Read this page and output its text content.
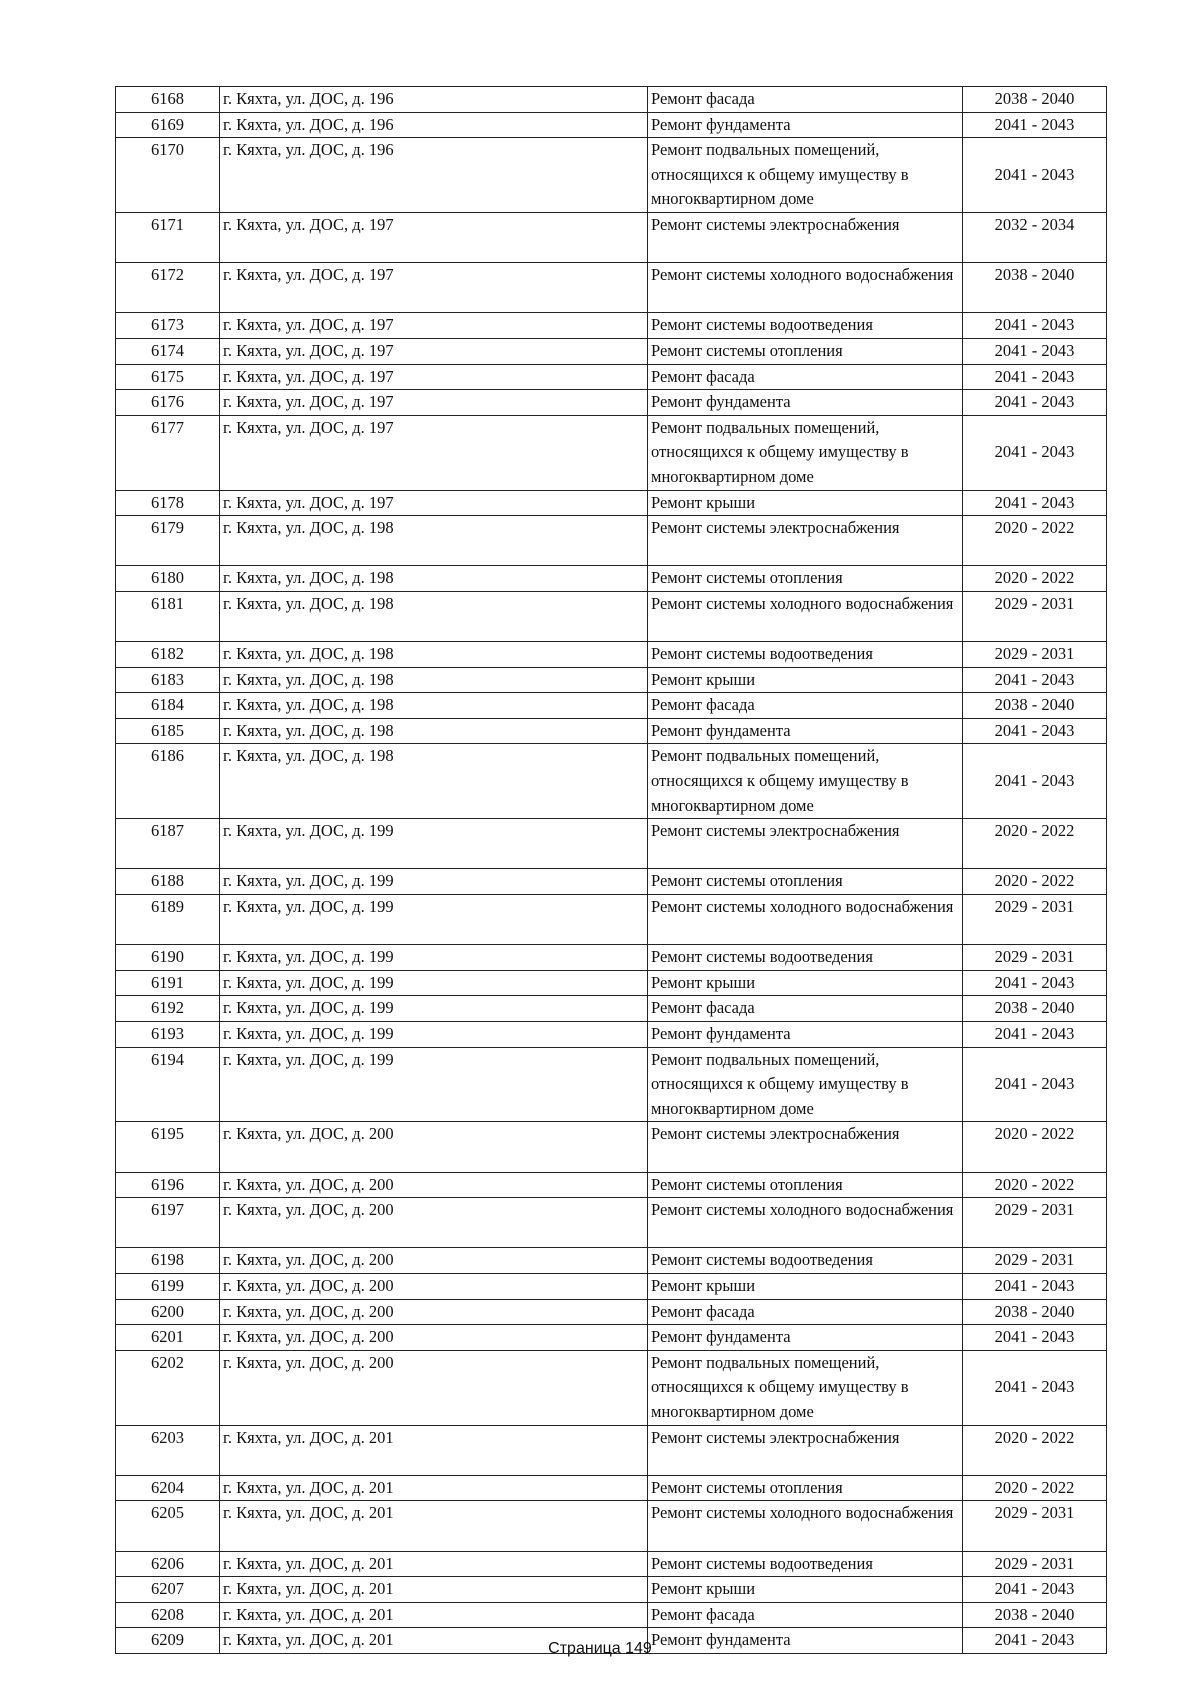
6168	г. Кяхта, ул. ДОС, д. 196	Ремонт фасада	2038 - 2040
6169	г. Кяхта, ул. ДОС, д. 196	Ремонт фундамента	2041 - 2043
6170	г. Кяхта, ул. ДОС, д. 196	Ремонт подвальных помещений, относящихся к общему имуществу в многоквартирном доме	2041 - 2043
6171	г. Кяхта, ул. ДОС, д. 197	Ремонт системы электроснабжения	2032 - 2034
6172	г. Кяхта, ул. ДОС, д. 197	Ремонт системы холодного водоснабжения	2038 - 2040
6173	г. Кяхта, ул. ДОС, д. 197	Ремонт системы водоотведения	2041 - 2043
6174	г. Кяхта, ул. ДОС, д. 197	Ремонт системы отопления	2041 - 2043
6175	г. Кяхта, ул. ДОС, д. 197	Ремонт фасада	2041 - 2043
6176	г. Кяхта, ул. ДОС, д. 197	Ремонт фундамента	2041 - 2043
6177	г. Кяхта, ул. ДОС, д. 197	Ремонт подвальных помещений, относящихся к общему имуществу в многоквартирном доме	2041 - 2043
6178	г. Кяхта, ул. ДОС, д. 197	Ремонт крыши	2041 - 2043
6179	г. Кяхта, ул. ДОС, д. 198	Ремонт системы электроснабжения	2020 - 2022
6180	г. Кяхта, ул. ДОС, д. 198	Ремонт системы отопления	2020 - 2022
6181	г. Кяхта, ул. ДОС, д. 198	Ремонт системы холодного водоснабжения	2029 - 2031
6182	г. Кяхта, ул. ДОС, д. 198	Ремонт системы водоотведения	2029 - 2031
6183	г. Кяхта, ул. ДОС, д. 198	Ремонт крыши	2041 - 2043
6184	г. Кяхта, ул. ДОС, д. 198	Ремонт фасада	2038 - 2040
6185	г. Кяхта, ул. ДОС, д. 198	Ремонт фундамента	2041 - 2043
6186	г. Кяхта, ул. ДОС, д. 198	Ремонт подвальных помещений, относящихся к общему имуществу в многоквартирном доме	2041 - 2043
6187	г. Кяхта, ул. ДОС, д. 199	Ремонт системы электроснабжения	2020 - 2022
6188	г. Кяхта, ул. ДОС, д. 199	Ремонт системы отопления	2020 - 2022
6189	г. Кяхта, ул. ДОС, д. 199	Ремонт системы холодного водоснабжения	2029 - 2031
6190	г. Кяхта, ул. ДОС, д. 199	Ремонт системы водоотведения	2029 - 2031
6191	г. Кяхта, ул. ДОС, д. 199	Ремонт крыши	2041 - 2043
6192	г. Кяхта, ул. ДОС, д. 199	Ремонт фасада	2038 - 2040
6193	г. Кяхта, ул. ДОС, д. 199	Ремонт фундамента	2041 - 2043
6194	г. Кяхта, ул. ДОС, д. 199	Ремонт подвальных помещений, относящихся к общему имуществу в многоквартирном доме	2041 - 2043
6195	г. Кяхта, ул. ДОС, д. 200	Ремонт системы электроснабжения	2020 - 2022
6196	г. Кяхта, ул. ДОС, д. 200	Ремонт системы отопления	2020 - 2022
6197	г. Кяхта, ул. ДОС, д. 200	Ремонт системы холодного водоснабжения	2029 - 2031
6198	г. Кяхта, ул. ДОС, д. 200	Ремонт системы водоотведения	2029 - 2031
6199	г. Кяхта, ул. ДОС, д. 200	Ремонт крыши	2041 - 2043
6200	г. Кяхта, ул. ДОС, д. 200	Ремонт фасада	2038 - 2040
6201	г. Кяхта, ул. ДОС, д. 200	Ремонт фундамента	2041 - 2043
6202	г. Кяхта, ул. ДОС, д. 200	Ремонт подвальных помещений, относящихся к общему имуществу в многоквартирном доме	2041 - 2043
6203	г. Кяхта, ул. ДОС, д. 201	Ремонт системы электроснабжения	2020 - 2022
6204	г. Кяхта, ул. ДОС, д. 201	Ремонт системы отопления	2020 - 2022
6205	г. Кяхта, ул. ДОС, д. 201	Ремонт системы холодного водоснабжения	2029 - 2031
6206	г. Кяхта, ул. ДОС, д. 201	Ремонт системы водоотведения	2029 - 2031
6207	г. Кяхта, ул. ДОС, д. 201	Ремонт крыши	2041 - 2043
6208	г. Кяхта, ул. ДОС, д. 201	Ремонт фасада	2038 - 2040
6209	г. Кяхта, ул. ДОС, д. 201	Ремонт фундамента	2041 - 2043
Страница 149
